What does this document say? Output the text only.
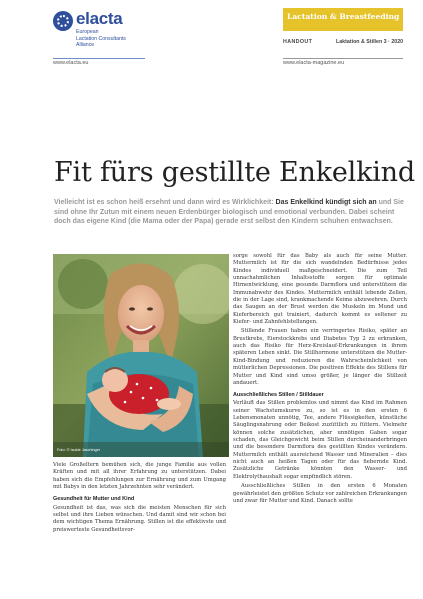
elacta
European
Lactation Consultants
Alliance
www.elacta.eu
Lactation & Breastfeeding
HANDOUT	Laktation & Stillen 3 · 2020
www.elacta-magazine.eu
Fit fürs gestillte Enkelkind

Vielleicht ist es schon heiß ersehnt und dann wird es Wirklichkeit: Das Enkelkind kündigt sich an und Sie sind ohne Ihr Zutun mit einem neuen Erdenbürger biologisch und emotional verbunden. Dabei scheint doch das eigene Kind (die Mama oder der Papa) gerade erst selbst den Kindern schuhen entwachsen.

Foto: © Isolde Jaschinger

Viele Großeltern bemühen sich, die junge Familie aus vollen Kräften und mit all ihrer Erfahrung zu unterstützen. Dabei haben sich die Empfehlungen zur Ernährung und zum Umgang mit Babys in den letzten Jahrzehnten sehr verändert.

Gesundheit für Mutter und Kind

Gesundheit ist das, was sich die meisten Menschen für sich selbst und ihre Lieben wünschen. Und damit sind wir schon bei dem wichtigen Thema Ernährung. Stillen ist die effektivste und preiswerteste Gesundheitsvor-

sorge sowohl für das Baby als auch für seine Mutter. Muttermilch ist für die sich wandelnden Bedürfnisse jedes Kindes individuell maßgeschneidert. Die zum Teil unnachahmlichen Inhaltsstoffe sorgen für optimale Hirnentwicklung, eine gesunde Darmflora und unterstützen die Immunabwehr des Kindes. Muttermilch enthält lebende Zellen, die in der Lage sind, krankmachende Keime abzuwehren. Durch das Saugen an der Brust werden die Muskeln im Mund und Kieferbereich gut trainiert, dadurch kommt es seltener zu Kiefer- und Zahnfehlstellungen.

Stillende Frauen haben ein verringertes Risiko, später an Brustkrebs, Eierstockkrebs und Diabetes Typ 2 zu erkranken, auch das Risiko für Herz-Kreislauf-Erkrankungen in ihrem späteren Leben sinkt. Die Stillhormone unterstützen die Mutter-Kind-Bindung und reduzieren die Wahrscheinlichkeit von mütterlichen Depressionen. Die positiven Effekte des Stillens für Mutter und Kind sind umso größer, je länger die Stillzeit andauert.

Ausschließliches Stillen / Stilldauer

Verläuft das Stillen problemlos und nimmt das Kind im Rahmen seiner Wachstumskurve zu, so ist es in den ersten 6 Lebensmonaten unnötig, Tee, andere Flüssigkeiten, künstliche Säuglingsnahrung oder Beikost zuzüttlich zu füttern. Vielmehr können solche zusätzlichen, aber unnötigen Gaben sogar schaden, das Gleichgewicht beim Stillen durcheinanderbringen und die besondere Darmflora des gestillten Kindes verändern. Muttermilch enthält ausreichend Wasser und Mineralien – dies nicht auch an heißen Tagen oder für das fiebernde Kind. Zusätzliche Getränke könnten den Wasser- und Elektrolythaushalt sogar empfindlich stören.

Ausschließliches Stillen in den ersten 6 Monaten gewährleistet den größten Schutz vor zahlreichen Erkrankungen und zwar für Mutter und Kind. Danach sollte
